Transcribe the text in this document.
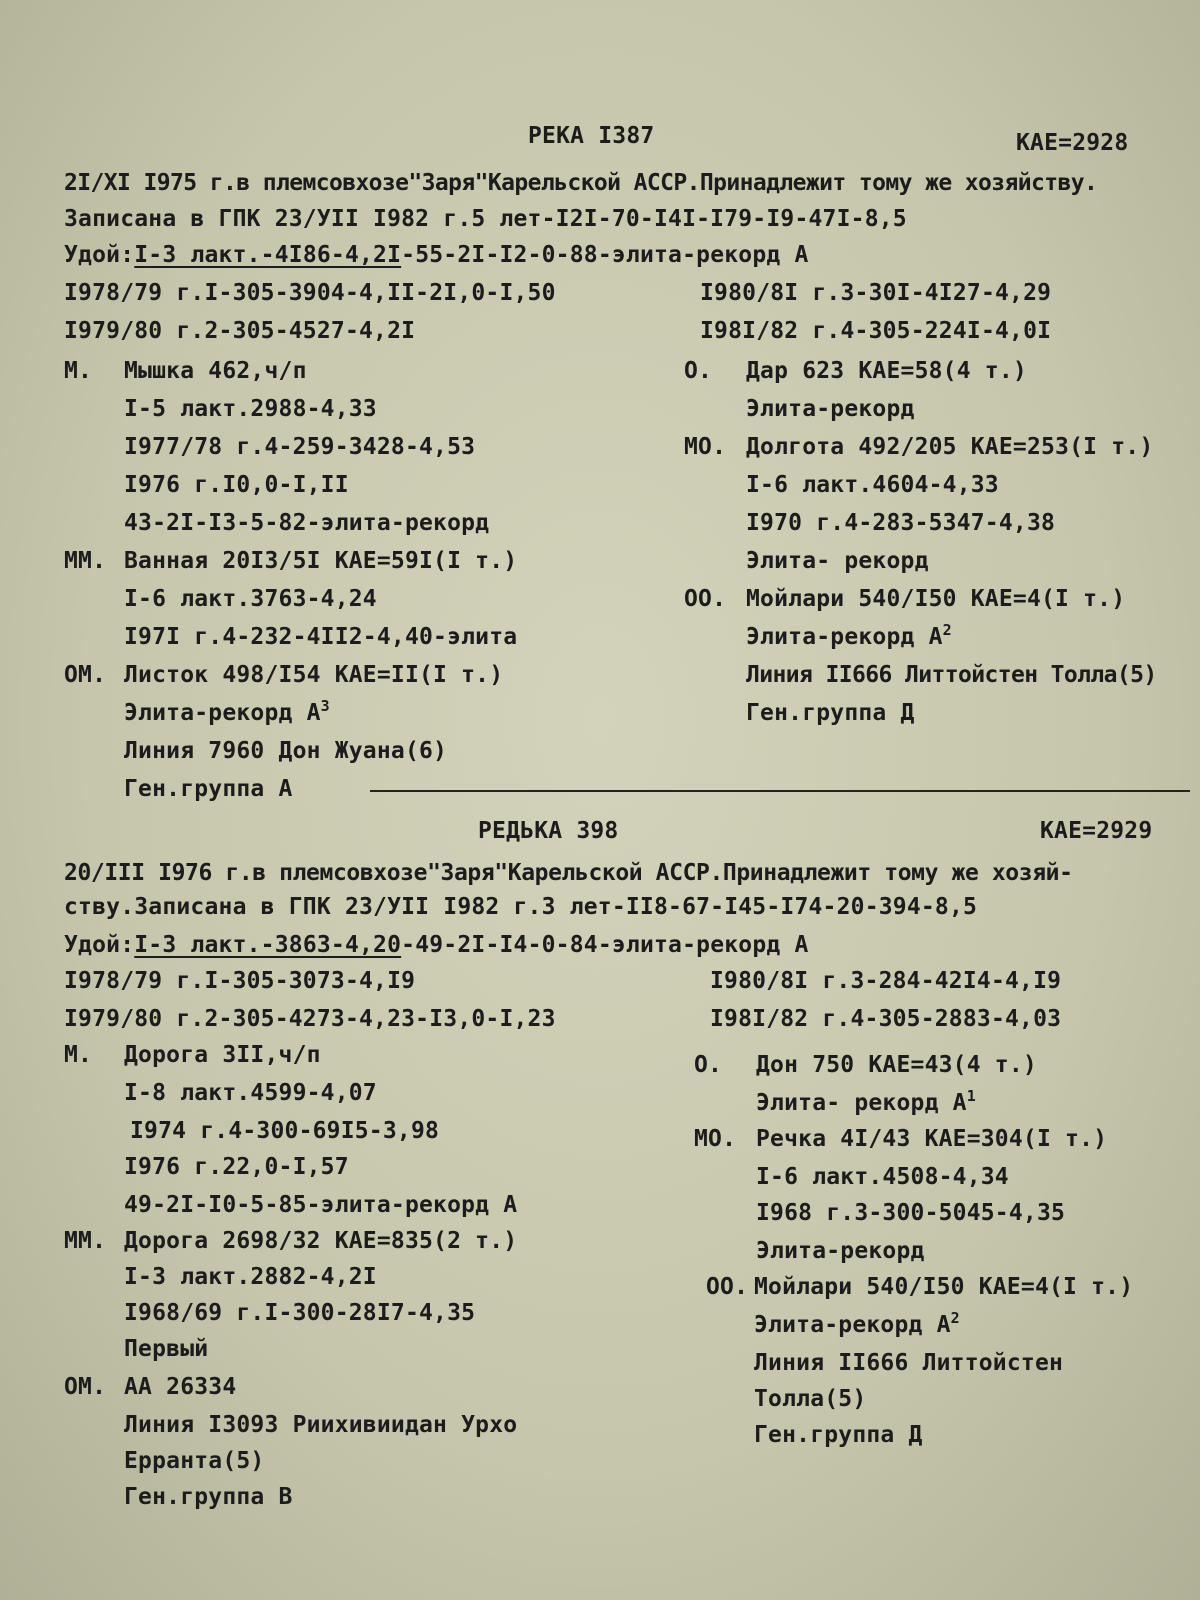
РЕКА I387	КАЕ=2928
2I/XI I975 г.в племсовхозе"Заря"Карельской АССР.Принадлежит тому же хозяйству.
Записана в ГПК 23/УII I982 г.5 лет-I2I-70-I4I-I79-I9-47I-8,5
Удой:I-3 лакт.-4I86-4,2I-55-2I-I2-0-88-элита-рекорд А
I978/79 г.I-305-3904-4,II-2I,0-I,50
I979/80 г.2-305-4527-4,2I
I980/8I г.3-30I-4I27-4,29
I98I/82 г.4-305-224I-4,0I
М. Мышка 462,ч/п
I-5 лакт.2988-4,33
I977/78 г.4-259-3428-4,53
I976 г.I0,0-I,II
43-2I-I3-5-82-элита-рекорд
ММ. Ванная 20I3/5I КАЕ=59I(I т.)
I-6 лакт.3763-4,24
I97I г.4-232-4II2-4,40-элита
ОМ. Листок 498/I54 КАЕ=II(I т.)
Элита-рекорд $А^3$
Линия 7960 Дон Жуана(6)
Ген.группа А
О. Дар 623 КАЕ=58(4 т.)
Элита-рекорд
МО. Долгота 492/205 КАЕ=253(I т.)
I-6 лакт.4604-4,33
I970 г.4-283-5347-4,38
Элита- рекорд
ОО. Мойлари 540/I50 КАЕ=4(I т.)
Элита-рекорд $А^2$
Линия II666 Литтойстен Толла(5)
Ген.группа Д
РЕДЬКА 398	КАЕ=2929
20/III I976 г.в племсовхозе"Заря"Карельской АССР.Принадлежит тому же хозяй-
ству.Записана в ГПК 23/УII I982 г.3 лет-II8-67-I45-I74-20-394-8,5
Удой:I-3 лакт.-3863-4,20-49-2I-I4-0-84-элита-рекорд А
I978/79 г.I-305-3073-4,I9
I979/80 г.2-305-4273-4,23-I3,0-I,23
I980/8I г.3-284-42I4-4,I9
I98I/82 г.4-305-2883-4,03
М. Дорога 3II,ч/п
I-8 лакт.4599-4,07
I974 г.4-300-69I5-3,98
I976 г.22,0-I,57
49-2I-I0-5-85-элита-рекорд А
ММ. Дорога 2698/32 КАЕ=835(2 т.)
I-3 лакт.2882-4,2I
I968/69 г.I-300-28I7-4,35
Первый
ОМ. АА 26334
Линия I3093 Риихивиидан Урхо
Ерранта(5)
Ген.группа В
О. Дон 750 КАЕ=43(4 т.)
Элита- рекорд $А^1$
МО. Речка 4I/43 КАЕ=304(I т.)
I-6 лакт.4508-4,34
I968 г.3-300-5045-4,35
Элита-рекорд
ОО. Мойлари 540/I50 КАЕ=4(I т.)
Элита-рекорд $А^2$
Линия II666 Литтойстен
Толла(5)
Ген.группа Д
